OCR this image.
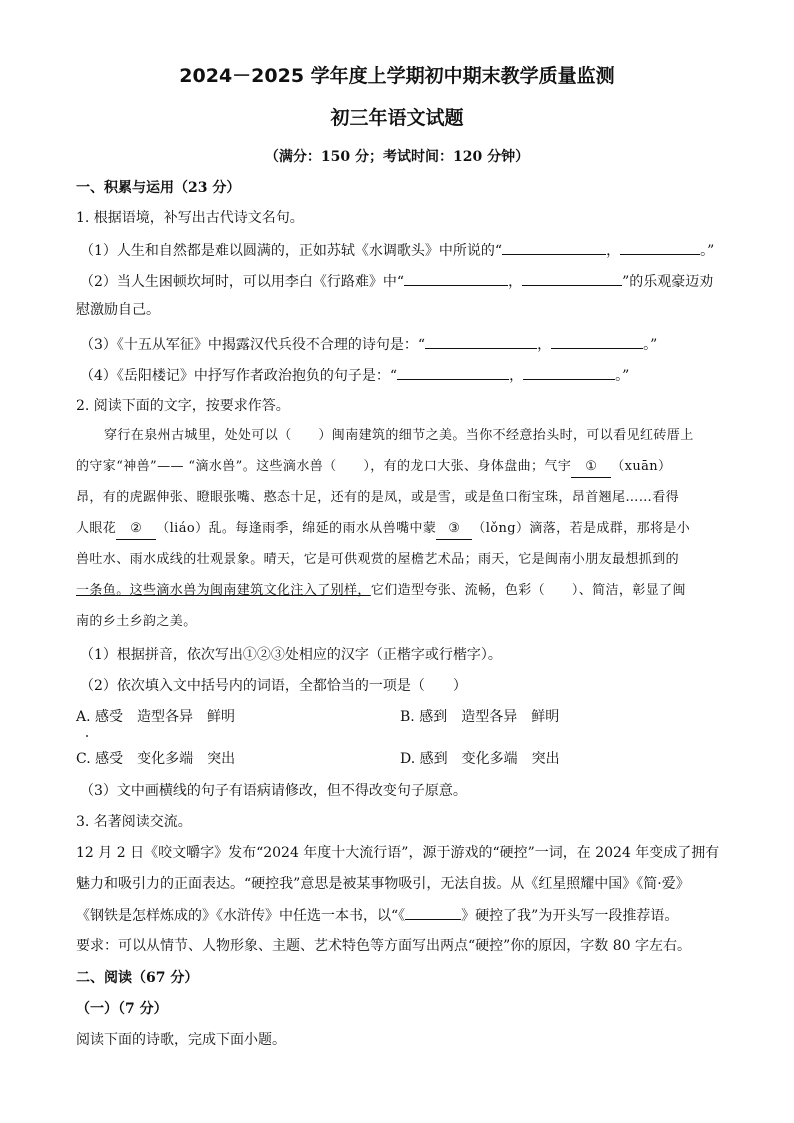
2024－2025 学年度上学期初中期末教学质量监测
初三年语文试题
（满分：150 分；考试时间：120 分钟）
一、积累与运用（23 分）
1. 根据语境，补写出古代诗文名句。
（1）人生和自然都是难以圆满的，正如苏轼《水调歌头》中所说的“	，	。”
（2）当人生困顿坎坷时，可以用李白《行路难》中“	，	”的乐观豪迈劝
慰激励自己。
（3）《十五从军征》中揭露汉代兵役不合理的诗句是：“	，	。”
（4）《岳阳楼记》中抒写作者政治抱负的句子是：“	，	。”
2. 阅读下面的文字，按要求作答。
穿行在泉州古城里，处处可以（　　）闽南建筑的细节之美。当你不经意抬头时，可以看见红砖厝上
的守家“神兽”—— “滴水兽”。这些滴水兽（　　），有的龙口大张、身体盘曲；气宇 ① （xuān）
昂，有的虎踞伸张、瞪眼张嘴、憨态十足，还有的是凤，或是雪，或是鱼口衔宝珠，昂首翘尾……看得
人眼花 ② （liáo）乱。每逢雨季，绵延的雨水从兽嘴中蒙 ③ （lǒng）滴落，若是成群，那将是小
兽吐水、雨水成线的壮观景象。晴天，它是可供观赏的屋檐艺术品；雨天，它是闽南小朋友最想抓到的
一条鱼。这些滴水兽为闽南建筑文化注入了别样，它们造型夸张、流畅，色彩（　　）、简洁，彰显了闽
南的乡土乡韵之美。
（1）根据拼音，依次写出①②③处相应的汉字（正楷字或行楷字）。
（2）依次填入文中括号内的词语，全都恰当的一项是（　　）
A. 感受　造型各异　鲜明	B. 感到　造型各异　鲜明
C. 感受　变化多端　突出	D. 感到　变化多端　突出
（3）文中画横线的句子有语病请修改，但不得改变句子原意。
3. 名著阅读交流。
12 月 2 日《咬文嚼字》发布“2024 年度十大流行语”，源于游戏的“硬控”一词，在 2024 年变成了拥有
魅力和吸引力的正面表达。“硬控我”意思是被某事物吸引，无法自拔。从《红星照耀中国》《简·爱》
《钢铁是怎样炼成的》《水浒传》中任选一本书，以“《	》硬控了我”为开头写一段推荐语。
要求：可以从情节、人物形象、主题、艺术特色等方面写出两点“硬控”你的原因，字数 80 字左右。
二、阅读（67 分）
（一）（7 分）
阅读下面的诗歌，完成下面小题。
